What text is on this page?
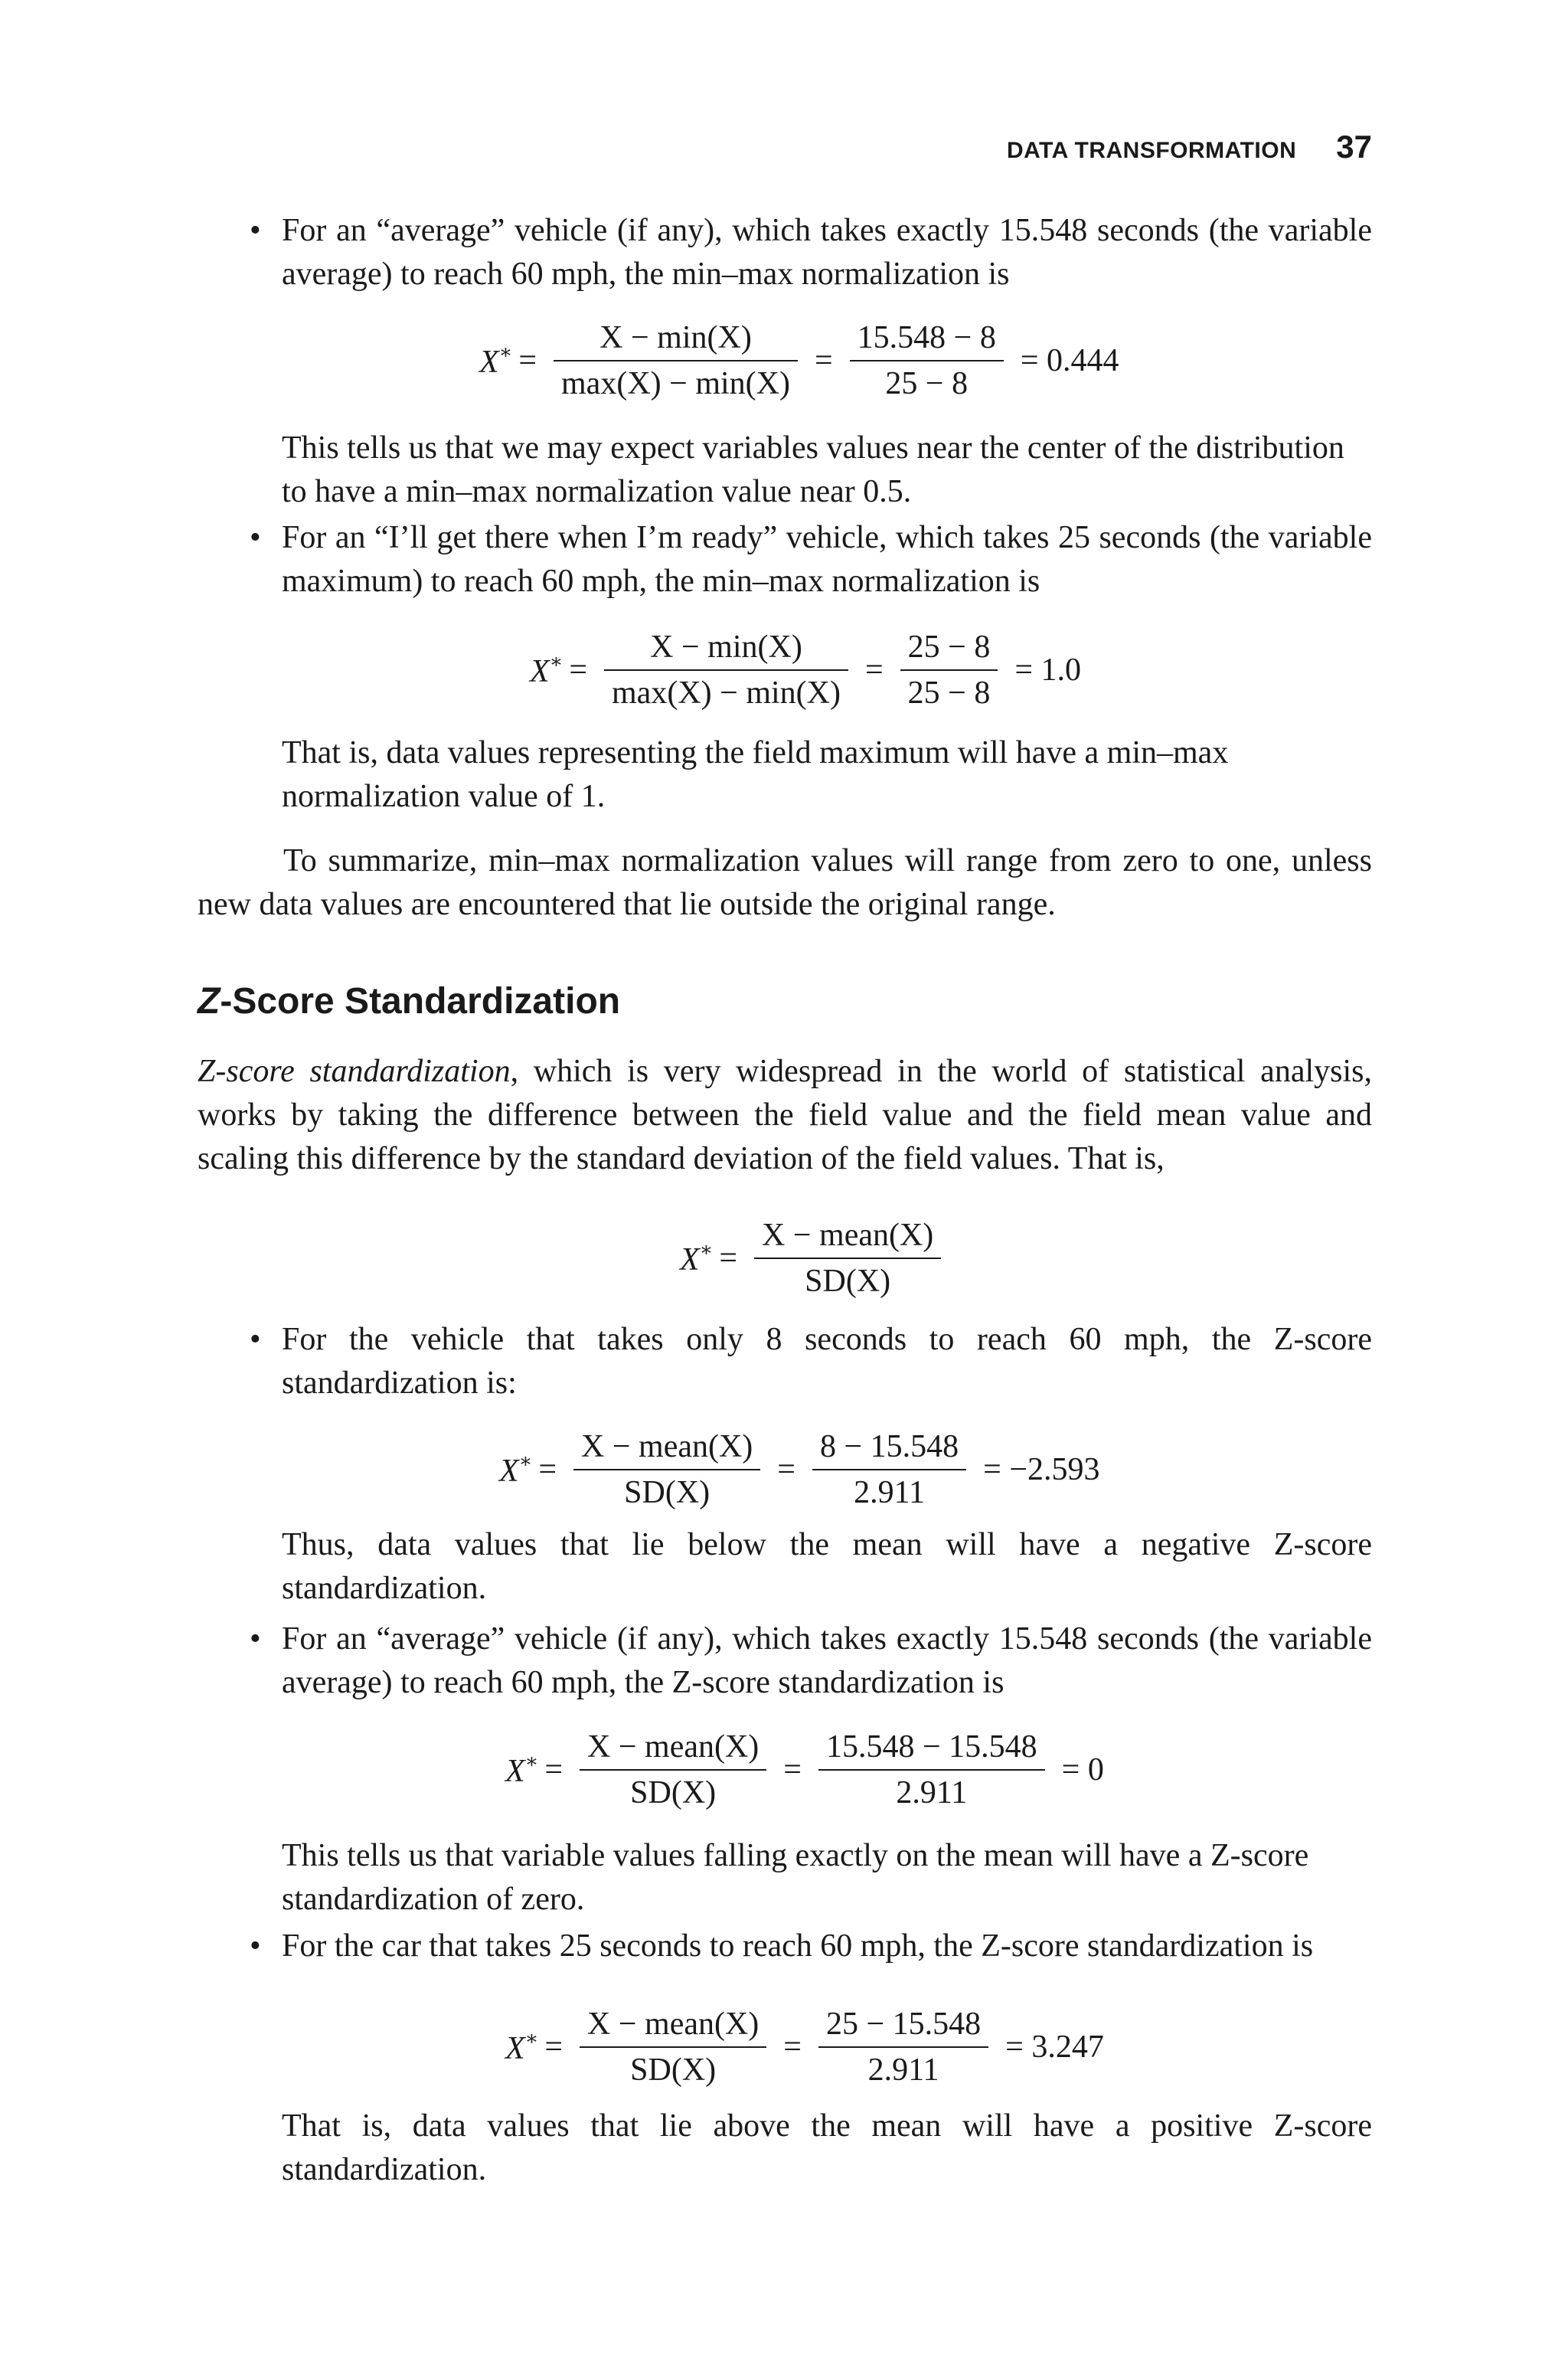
DATA TRANSFORMATION 37
• For an “average” vehicle (if any), which takes exactly 15.548 seconds (the variable average) to reach 60 mph, the min–max normalization is
$X^∗ = \frac{X - \min(X)}{\max(X) - \min(X)} = \frac{15.548 - 8}{25 - 8} = 0.444$
This tells us that we may expect variables values near the center of the distribution to have a min–max normalization value near 0.5.
• For an “I’ll get there when I’m ready” vehicle, which takes 25 seconds (the variable maximum) to reach 60 mph, the min–max normalization is
$X^∗ = \frac{X - \min(X)}{\max(X) - \min(X)} = \frac{25 - 8}{25 - 8} = 1.0$
That is, data values representing the field maximum will have a min–max normalization value of 1.
To summarize, min–max normalization values will range from zero to one, unless new data values are encountered that lie outside the original range.
Z-Score Standardization
Z-score standardization, which is very widespread in the world of statistical analysis, works by taking the difference between the field value and the field mean value and scaling this difference by the standard deviation of the field values. That is,
$X^∗ = \frac{\text{X − mean(X)}}{SD(X)}$
• For the vehicle that takes only 8 seconds to reach 60 mph, the Z-score standardization is:
$X^∗ = \frac{\text{X − mean(X)}}{SD(X)} = \frac{8 - 15.548}{2.911} = -2.593$
Thus, data values that lie below the mean will have a negative Z-score standardization.
• For an “average” vehicle (if any), which takes exactly 15.548 seconds (the variable average) to reach 60 mph, the Z-score standardization is
$X^∗ = \frac{\text{X − mean(X)}}{SD(X)} = \frac{15.548 - 15.548}{2.911} = 0$
This tells us that variable values falling exactly on the mean will have a Z-score standardization of zero.
• For the car that takes 25 seconds to reach 60 mph, the Z-score standardization is
$X^∗ = \frac{\text{X − mean(X)}}{SD(X)} = \frac{25 - 15.548}{2.911} = 3.247$
That is, data values that lie above the mean will have a positive Z-score standardization.
